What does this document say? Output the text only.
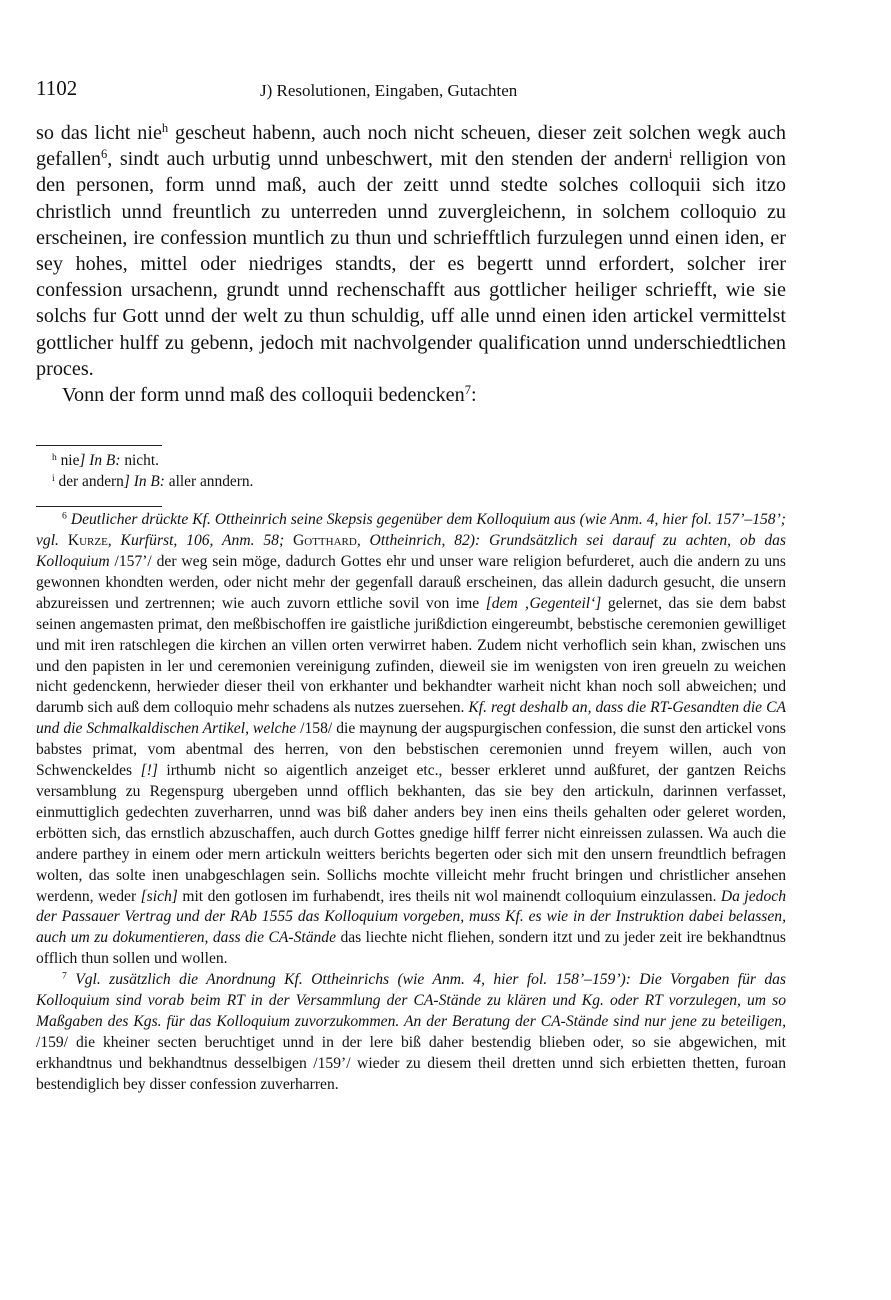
1102	J) Resolutionen, Eingaben, Gutachten

so das licht nie$^h$ gescheut habenn, auch noch nicht scheuen, dieser zeit solchen wegk auch gefallen$^6$, sindt auch urbutig unnd unbeschwert, mit den stenden der andern$^i$ relligion von den personen, form unnd maß, auch der zeitt unnd stedte solches colloquii sich itzo christlich unnd freuntlich zu unterreden unnd zuvergleichenn, in solchem colloquio zu erscheinen, ire confession muntlich zu thun und schriefftlich furzulegen unnd einen iden, er sey hohes, mittel oder niedriges standts, der es begertt unnd erfordert, solcher irer confession ursachenn, grundt unnd rechenschafft aus gottlicher heiliger schriefft, wie sie solchs fur Gott unnd der welt zu thun schuldig, uff alle unnd einen iden artickel vermittelst gottlicher hulff zu gebenn, jedoch mit nachvolgender qualification unnd underschiedtlichen proces.

Vonn der form unnd maß des colloquii bedencken$^7$:

$^h$ nie] In B: nicht.

$^i$ der andern] In B: aller anndern.

$^6$ Deutlicher drückte Kf. Ottheinrich seine Skepsis gegenüber dem Kolloquium aus (wie Anm. 4, hier fol. 157’–158’; vgl. Kurze, Kurfürst, 106, Anm. 58; Gotthard, Ottheinrich, 82): Grundsätzlich sei darauf zu achten, ob das Kolloquium /157’/ der weg sein möge, dadurch Gottes ehr und unser ware religion befurderet, auch die andern zu uns gewonnen khondten werden, oder nicht mehr der gegenfall darauß erscheinen, das allein dadurch gesucht, die unsern abzureissen und zertrennen; wie auch zuvorn ettliche sovil von ime [dem ‚Gegenteil‘] gelernet, das sie dem babst seinen angemasten primat, den meßbischoffen ire gaistliche jurißdiction eingereumbt, bebstische ceremonien gewilliget und mit iren ratschlegen die kirchen an villen orten verwirret haben. Zudem nicht verhoflich sein khan, zwischen uns und den papisten in ler und ceremonien vereinigung zufinden, dieweil sie im wenigsten von iren greueln zu weichen nicht gedenckenn, herwieder dieser theil von erkhanter und bekhandter warheit nicht khan noch soll abweichen; und darumb sich auß dem colloquio mehr schadens als nutzes zuersehen. Kf. regt deshalb an, dass die RT-Gesandten die CA und die Schmalkaldischen Artikel, welche /158/ die maynung der augspurgischen confession, die sunst den artickel vons babstes primat, vom abentmal des herren, von den bebstischen ceremonien unnd freyem willen, auch von Schwenckeldes [!] irthumb nicht so aigentlich anzeiget etc., besser erkleret unnd außfuret, der gantzen Reichs versamblung zu Regenspurg ubergeben unnd offlich bekhanten, das sie bey den artickuln, darinnen verfasset, einmuttiglich gedechten zuverharren, unnd was biß daher anders bey inen eins theils gehalten oder geleret worden, erbötten sich, das ernstlich abzuschaffen, auch durch Gottes gnedige hilff ferrer nicht einreissen zulassen. Wa auch die andere parthey in einem oder mern artickuln weitters berichts begerten oder sich mit den unsern freundtlich befragen wolten, das solte inen unabgeschlagen sein. Sollichs mochte villeicht mehr frucht bringen und christlicher ansehen werdenn, weder [sich] mit den gotlosen im furhabendt, ires theils nit wol mainendt colloquium einzulassen. Da jedoch der Passauer Vertrag und der RAb 1555 das Kolloquium vorgeben, muss Kf. es wie in der Instruktion dabei belassen, auch um zu dokumentieren, dass die CA-Stände das liechte nicht fliehen, sondern itzt und zu jeder zeit ire bekhandtnus offlich thun sollen und wollen.

$^7$ Vgl. zusätzlich die Anordnung Kf. Ottheinrichs (wie Anm. 4, hier fol. 158’–159’): Die Vorgaben für das Kolloquium sind vorab beim RT in der Versammlung der CA-Stände zu klären und Kg. oder RT vorzulegen, um so Maßgaben des Kgs. für das Kolloquium zuvorzukommen. An der Beratung der CA-Stände sind nur jene zu beteiligen, /159/ die kheiner secten beruchtiget unnd in der lere biß daher bestendig blieben oder, so sie abgewichen, mit erkhandtnus und bekhandtnus desselbigen /159’/ wieder zu diesem theil dretten unnd sich erbietten thetten, furoan bestendiglich bey disser confession zuverharren.
